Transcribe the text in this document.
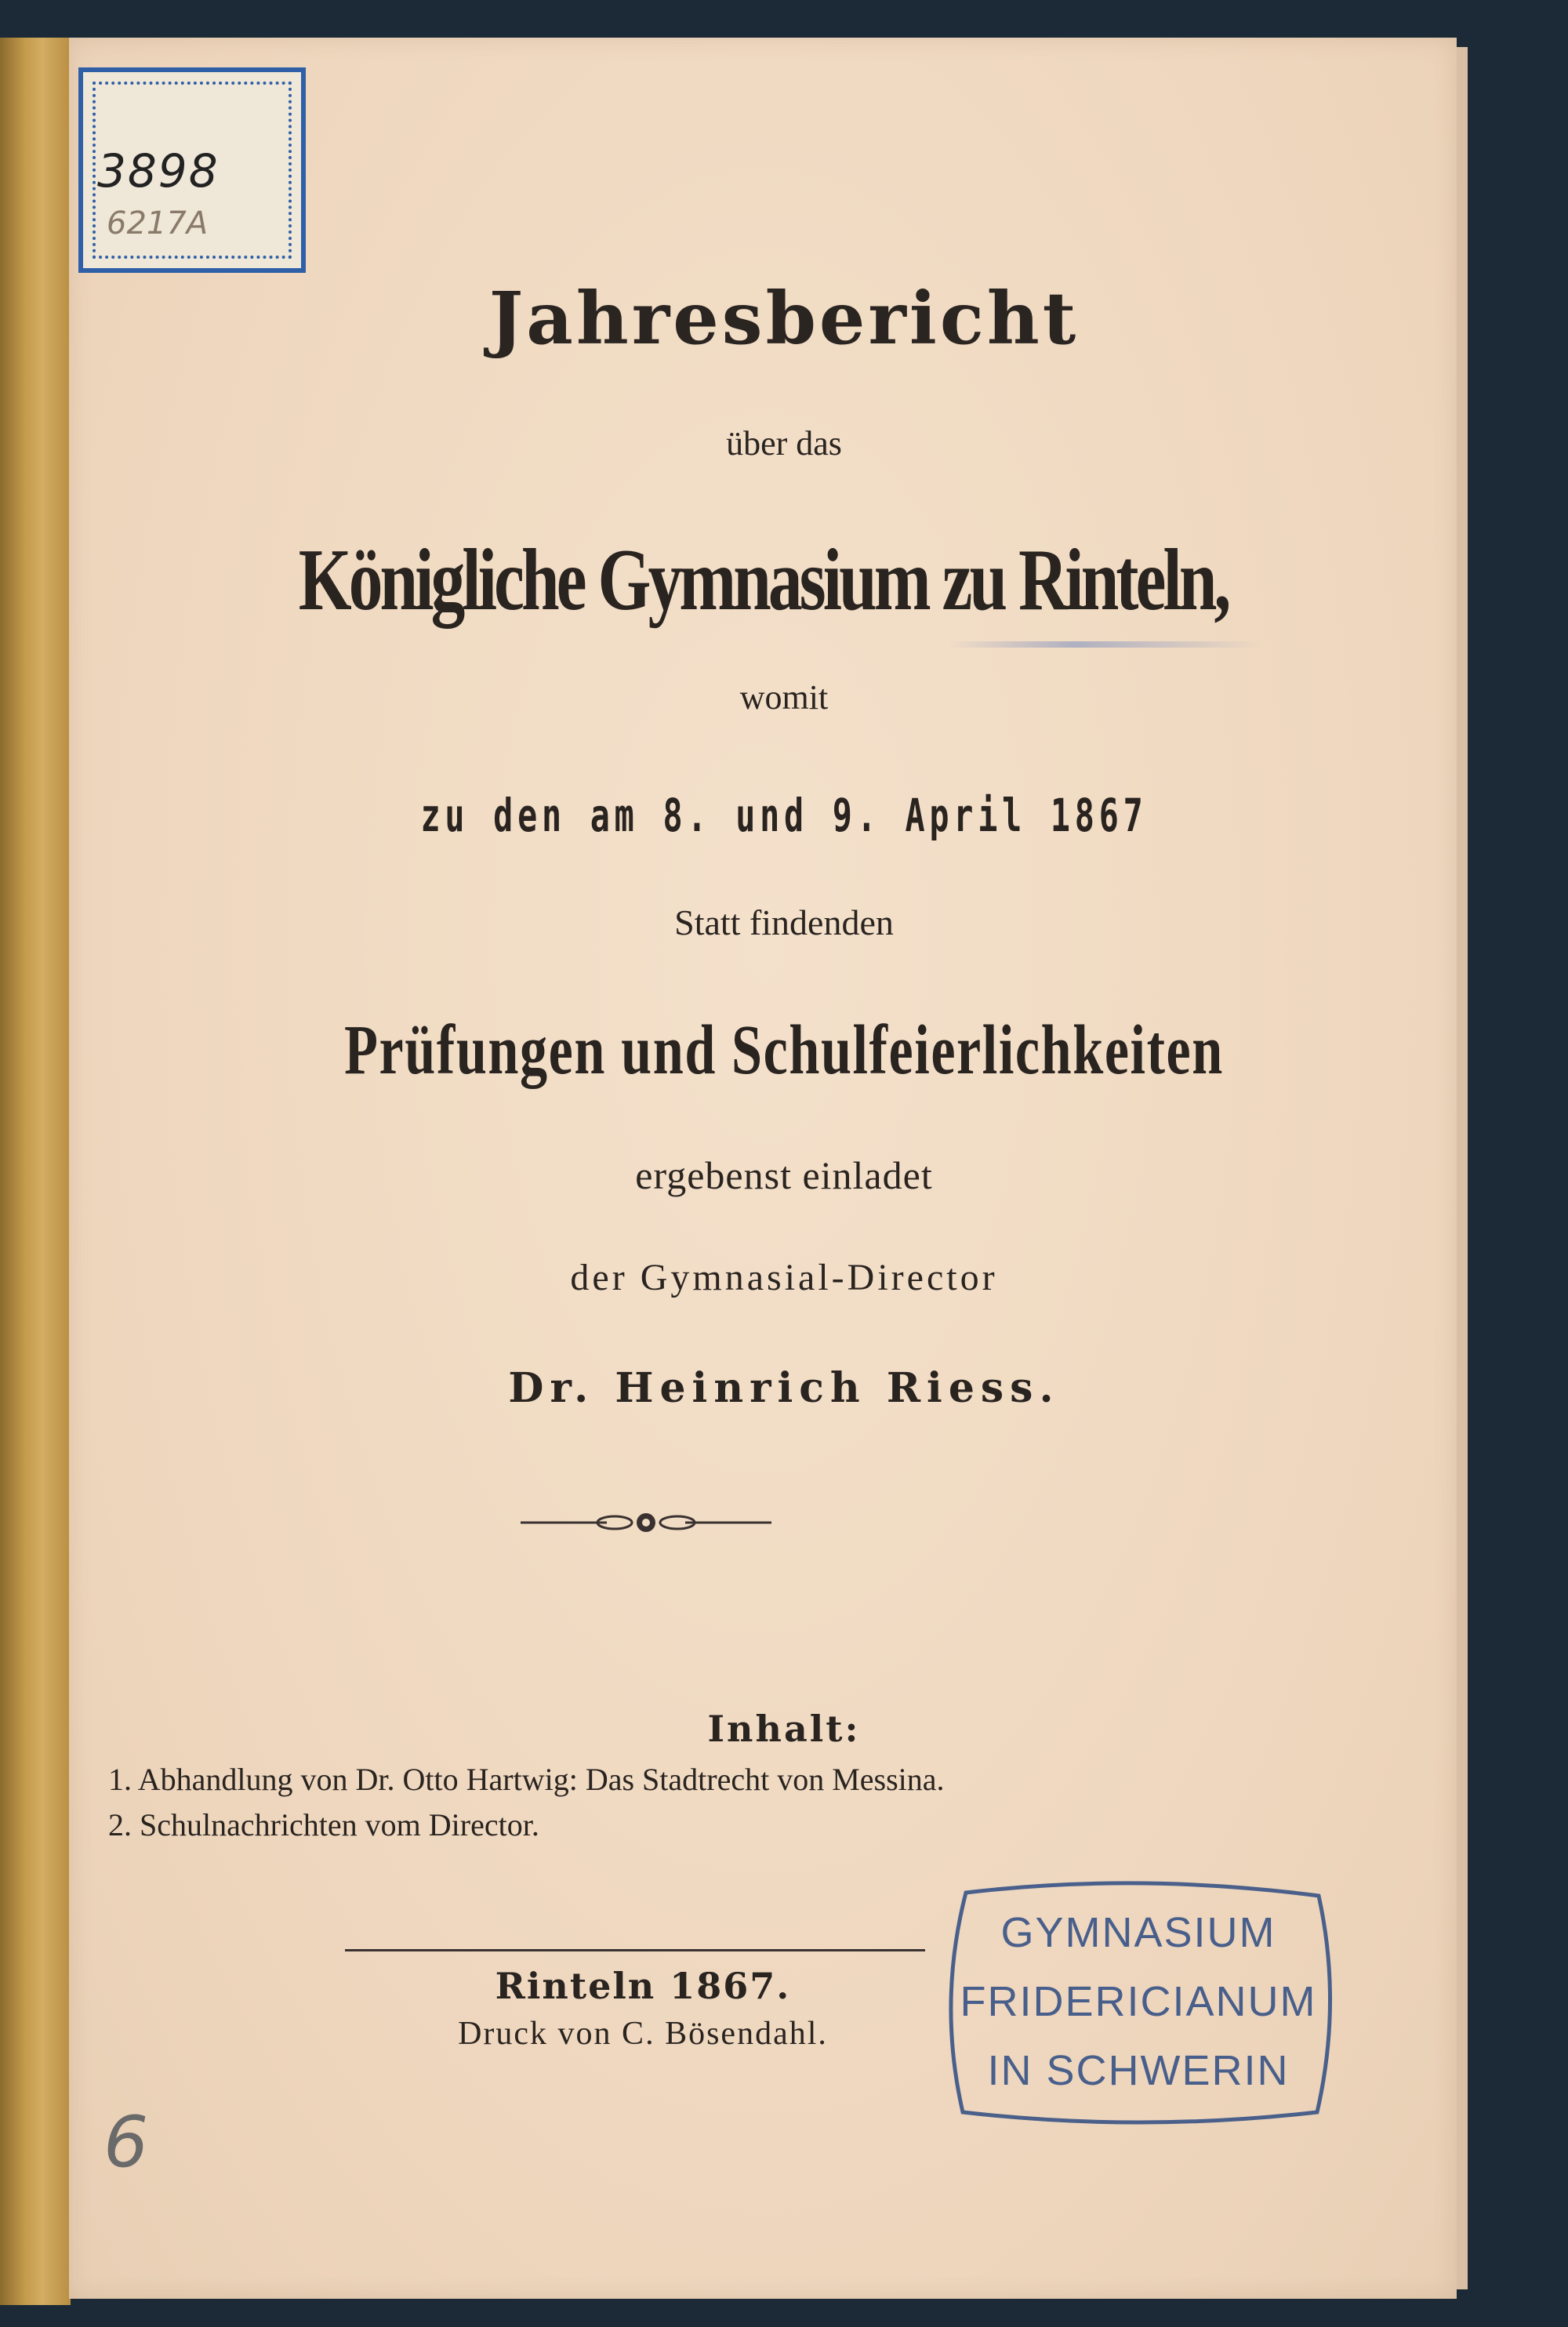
3898
6217A
Jahresbericht
über das
Königliche Gymnasium zu Rinteln,
womit
zu den am 8. und 9. April 1867
Statt findenden
Prüfungen und Schulfeierlichkeiten
ergebenst einladet
der Gymnasial-Director
Dr. Heinrich Riess.
Inhalt:
1. Abhandlung von Dr. Otto Hartwig: Das Stadtrecht von Messina.
2. Schulnachrichten vom Director.
Rinteln 1867.
Druck von C. Bösendahl.
GYMNASIUM
FRIDERICIANUM
IN SCHWERIN
6
